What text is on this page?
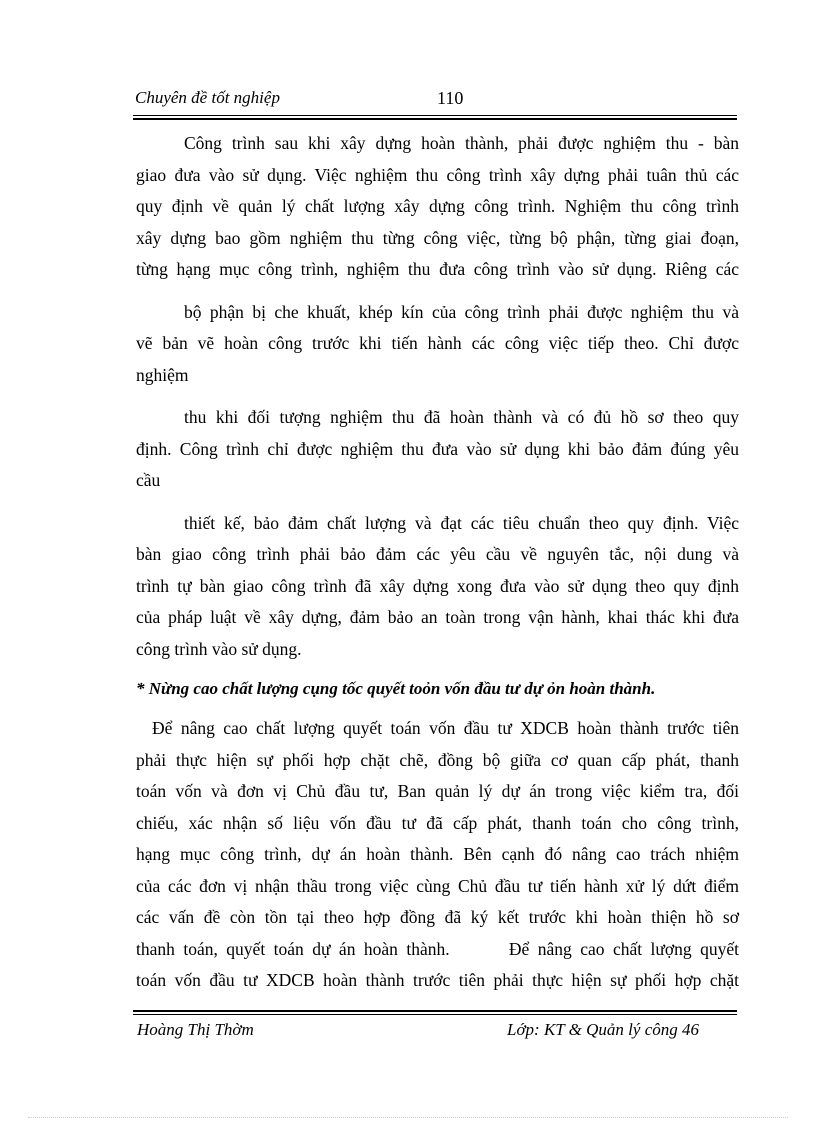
Chuyên đề tốt nghiệp	110

Công trình sau khi xây dựng hoàn thành, phải được nghiệm thu - bàn
giao đưa vào sử dụng. Việc nghiệm thu công trình xây dựng phải tuân thủ các
quy định về quản lý chất lượng xây dựng công trình. Nghiệm thu công trình
xây dựng bao gồm nghiệm thu từng công việc, từng bộ phận, từng giai đoạn,
từng hạng mục công trình, nghiệm thu đưa công trình vào sử dụng. Riêng các

bộ phận bị che khuất, khép kín của công trình phải được nghiệm thu và
vẽ bản vẽ hoàn công trước khi tiến hành các công việc tiếp theo. Chỉ được
nghiệm

thu khi đối tượng nghiệm thu đã hoàn thành và có đủ hồ sơ theo quy
định. Công trình chỉ được nghiệm thu đưa vào sử dụng khi bảo đảm đúng yêu
cầu

thiết kế, bảo đảm chất lượng và đạt các tiêu chuẩn theo quy định. Việc
bàn giao công trình phải bảo đảm các yêu cầu về nguyên tắc, nội dung và
trình tự bàn giao công trình đã xây dựng xong đưa vào sử dụng theo quy định
của pháp luật về xây dựng, đảm bảo an toàn trong vận hành, khai thác khi đưa
công trình vào sử dụng.

* Nừng cao chất lượng cụng tốc quyết toỏn vốn đầu tư dự ỏn hoàn thành.

Để nâng cao chất lượng quyết toán vốn đầu tư XDCB hoàn thành trước tiên
phải thực hiện sự phối hợp chặt chẽ, đồng bộ giữa cơ quan cấp phát, thanh
toán vốn và đơn vị Chủ đầu tư, Ban quản lý dự án trong việc kiểm tra, đối
chiếu, xác nhận số liệu vốn đầu tư đã cấp phát, thanh toán cho công trình,
hạng mục công trình, dự án hoàn thành. Bên cạnh đó nâng cao trách nhiệm
của các đơn vị nhận thầu trong việc cùng Chủ đầu tư tiến hành xử lý dứt điểm
các vấn đề còn tồn tại theo hợp đồng đã ký kết trước khi hoàn thiện hồ sơ
thanh toán, quyết toán dự án hoàn thành.       Để nâng cao chất lượng quyết
toán vốn đầu tư XDCB hoàn thành trước tiên phải thực hiện sự phối hợp chặt

Hoàng Thị Thờm	Lớp: KT & Quản lý công 46
